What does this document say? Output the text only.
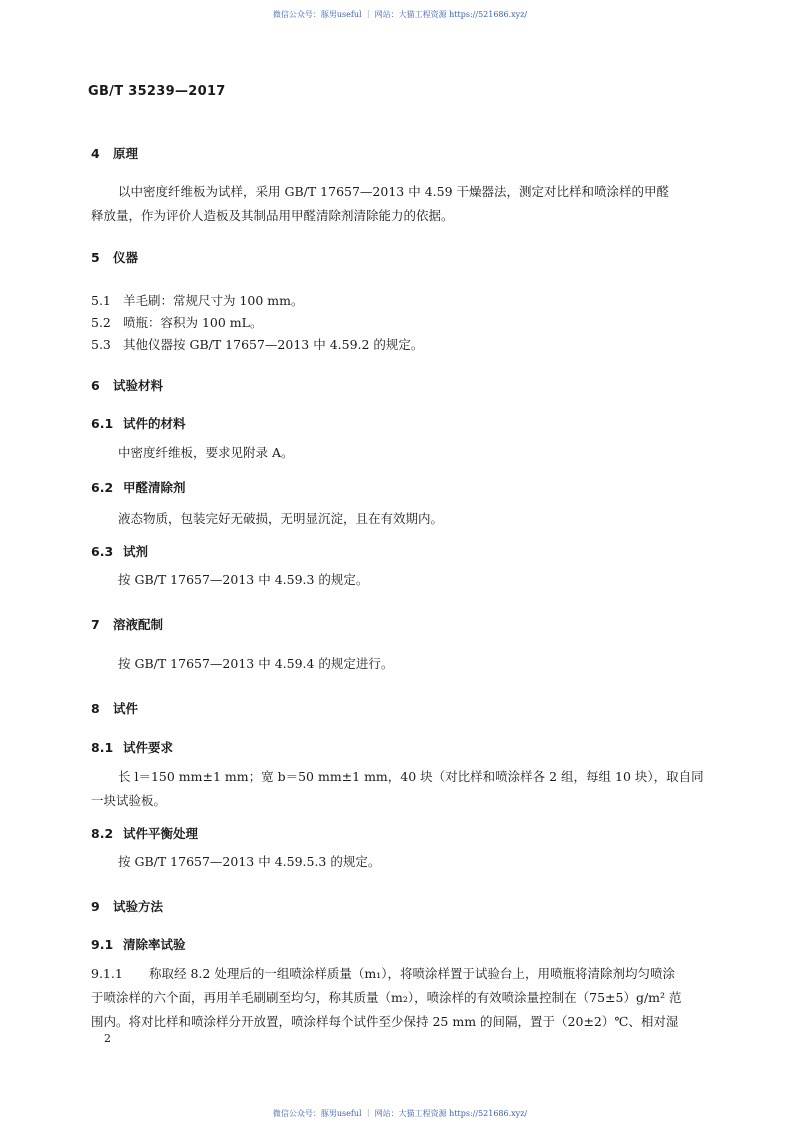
微信公众号：豚男useful ｜ 网站：大猫工程资源 https://521686.xyz/
GB/T 35239—2017
4 原理
以中密度纤维板为试样，采用 GB/T 17657—2013 中 4.59 干燥器法，测定对比样和喷涂样的甲醛
释放量，作为评价人造板及其制品用甲醛清除剂清除能力的依据。
5 仪器
5.1 羊毛刷：常规尺寸为 100 mm。
5.2 喷瓶：容积为 100 mL。
5.3 其他仪器按 GB/T 17657—2013 中 4.59.2 的规定。
6 试验材料
6.1 试件的材料
中密度纤维板，要求见附录 A。
6.2 甲醛清除剂
液态物质，包装完好无破损，无明显沉淀，且在有效期内。
6.3 试剂
按 GB/T 17657—2013 中 4.59.3 的规定。
7 溶液配制
按 GB/T 17657—2013 中 4.59.4 的规定进行。
8 试件
8.1 试件要求
长 l＝150 mm±1 mm；宽 b＝50 mm±1 mm，40 块（对比样和喷涂样各 2 组，每组 10 块），取自同
一块试验板。
8.2 试件平衡处理
按 GB/T 17657—2013 中 4.59.5.3 的规定。
9 试验方法
9.1 清除率试验
9.1.1 称取经 8.2 处理后的一组喷涂样质量（m₁），将喷涂样置于试验台上，用喷瓶将清除剂均匀喷涂
于喷涂样的六个面，再用羊毛刷刷至均匀，称其质量（m₂），喷涂样的有效喷涂量控制在（75±5）g/m² 范
围内。将对比样和喷涂样分开放置，喷涂样每个试件至少保持 25 mm 的间隔，置于（20±2）℃、相对湿
2
微信公众号：豚男useful ｜ 网站：大猫工程资源 https://521686.xyz/
